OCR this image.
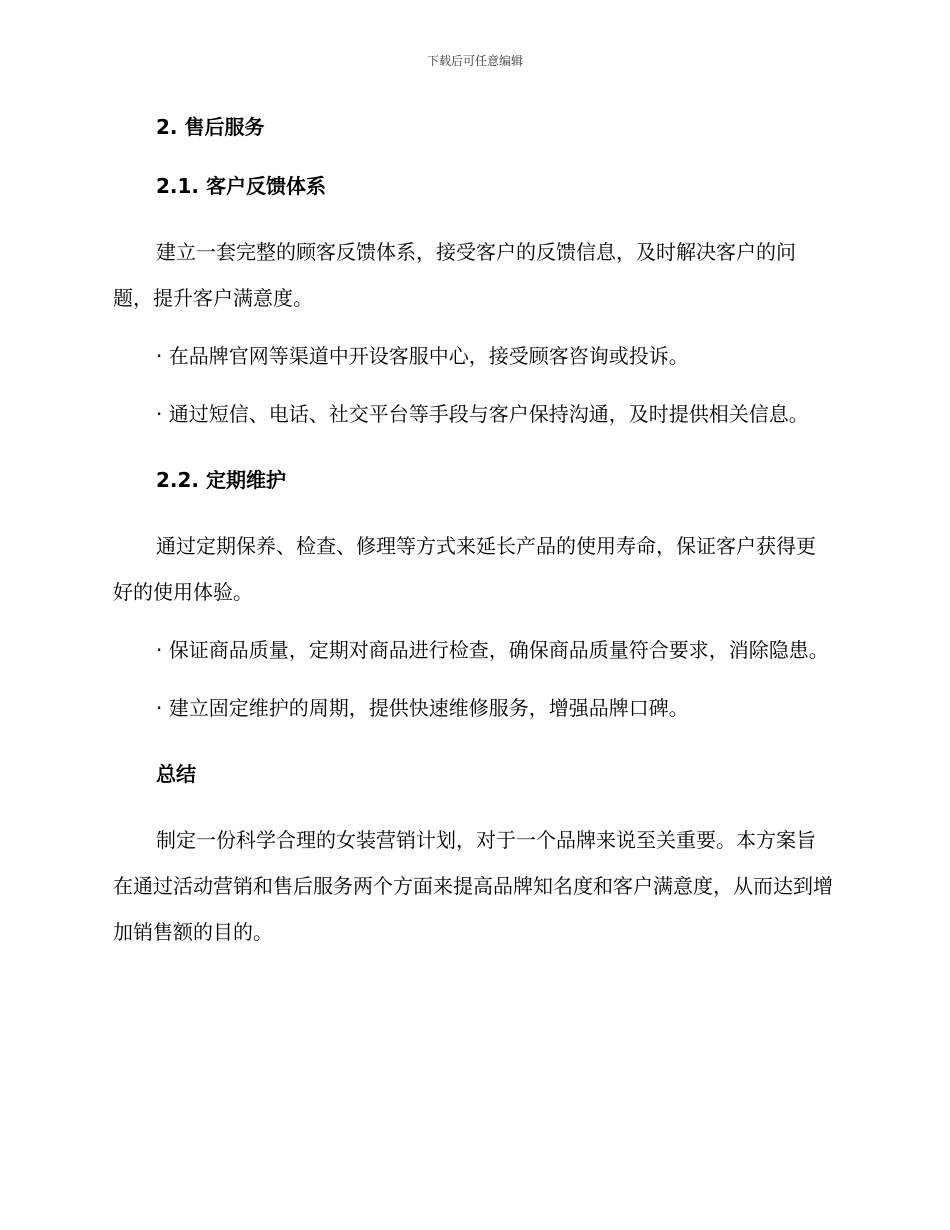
下载后可任意编辑
2. 售后服务
2.1. 客户反馈体系
建立一套完整的顾客反馈体系，接受客户的反馈信息，及时解决客户的问题，提升客户满意度。
· 在品牌官网等渠道中开设客服中心，接受顾客咨询或投诉。
· 通过短信、电话、社交平台等手段与客户保持沟通，及时提供相关信息。
2.2. 定期维护
通过定期保养、检查、修理等方式来延长产品的使用寿命，保证客户获得更好的使用体验。
· 保证商品质量，定期对商品进行检查，确保商品质量符合要求，消除隐患。
· 建立固定维护的周期，提供快速维修服务，增强品牌口碑。
总结
制定一份科学合理的女装营销计划，对于一个品牌来说至关重要。本方案旨在通过活动营销和售后服务两个方面来提高品牌知名度和客户满意度，从而达到增加销售额的目的。
